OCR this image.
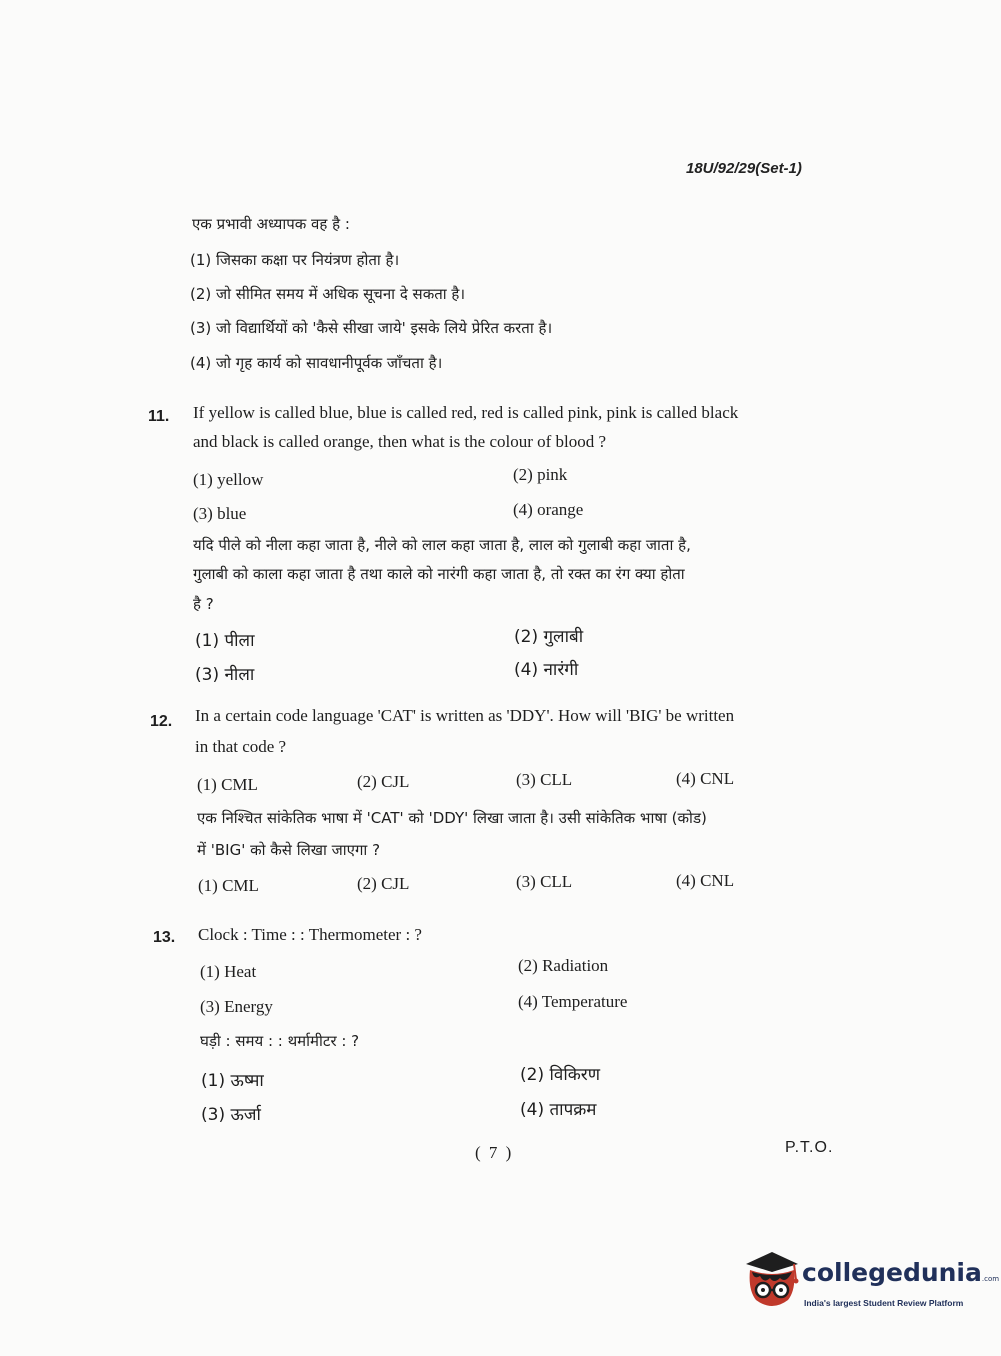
18U/92/29(Set-1)
एक प्रभावी अध्यापक वह है :
(1) जिसका कक्षा पर नियंत्रण होता है।
(2) जो सीमित समय में अधिक सूचना दे सकता है।
(3) जो विद्यार्थियों को 'कैसे सीखा जाये' इसके लिये प्रेरित करता है।
(4) जो गृह कार्य को सावधानीपूर्वक जाँचता है।
11. If yellow is called blue, blue is called red, red is called pink, pink is called black
and black is called orange, then what is the colour of blood ?
(1) yellow	(2) pink
(3) blue	(4) orange
यदि पीले को नीला कहा जाता है, नीले को लाल कहा जाता है, लाल को गुलाबी कहा जाता है,
गुलाबी को काला कहा जाता है तथा काले को नारंगी कहा जाता है, तो रक्त का रंग क्या होता
है ?
(1) पीला	(2) गुलाबी
(3) नीला	(4) नारंगी
12. In a certain code language 'CAT' is written as 'DDY'. How will 'BIG' be written
in that code ?
(1) CML	(2) CJL	(3) CLL	(4) CNL
एक निश्चित सांकेतिक भाषा में 'CAT' को 'DDY' लिखा जाता है। उसी सांकेतिक भाषा (कोड)
में 'BIG' को कैसे लिखा जाएगा ?
(1) CML	(2) CJL	(3) CLL	(4) CNL
13. Clock : Time : : Thermometer : ?
(1) Heat	(2) Radiation
(3) Energy	(4) Temperature
घड़ी : समय : : थर्मामीटर : ?
(1) ऊष्मा	(2) विकिरण
(3) ऊर्जा	(4) तापक्रम
( 7 )	P.T.O.
collegedunia.com
India's largest Student Review Platform
